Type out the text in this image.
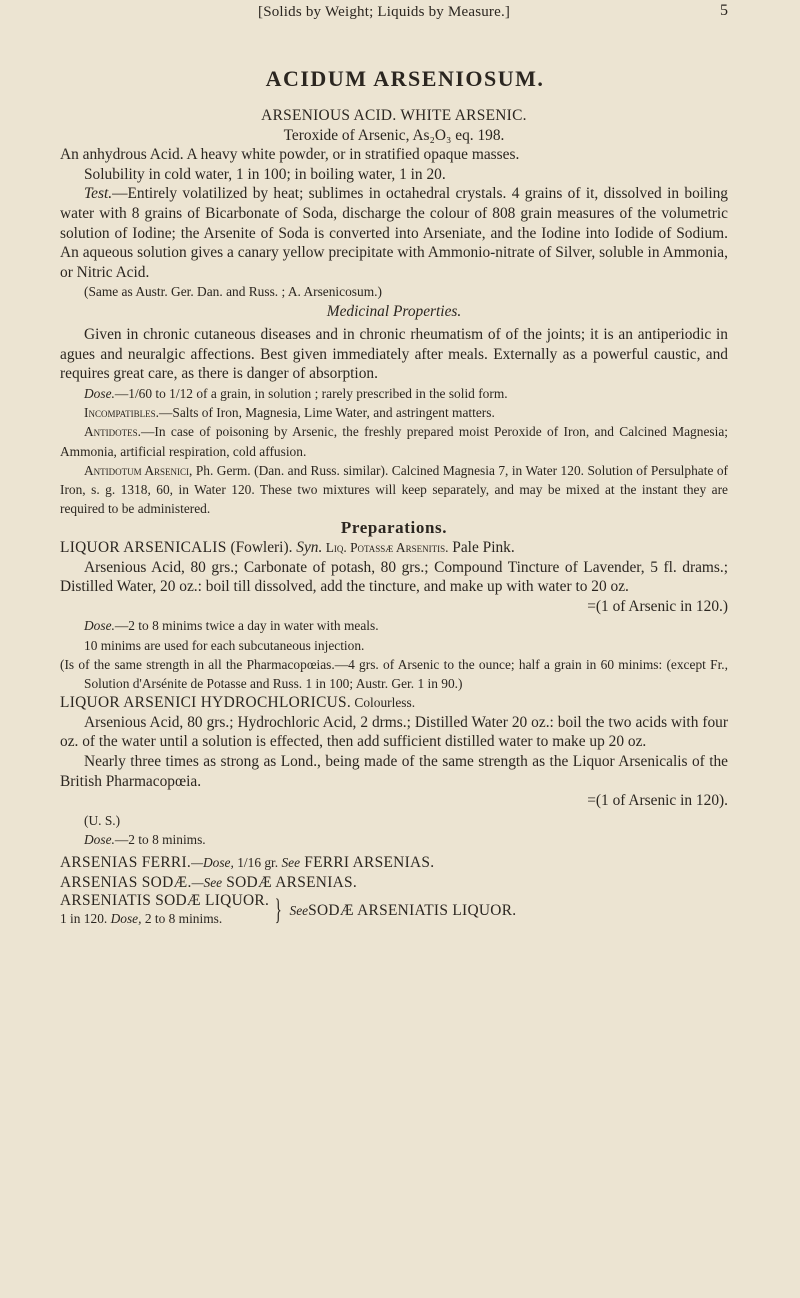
[Solids by Weight; Liquids by Measure.]	5
ACIDUM ARSENIOSUM.
ARSENIOUS ACID. WHITE ARSENIC.
Teroxide of Arsenic, As₂O₃ eq. 198.

An anhydrous Acid. A heavy white powder, or in stratified opaque masses.

Solubility in cold water, 1 in 100; in boiling water, 1 in 20.

Test.—Entirely volatilized by heat; sublimes in octahedral crystals. 4 grains of it, dissolved in boiling water with 8 grains of Bicarbonate of Soda, discharge the colour of 808 grain measures of the volumetric solution of Iodine; the Arsenite of Soda is converted into Arseniate, and the Iodine into Iodide of Sodium. An aqueous solution gives a canary yellow precipitate with Ammonio-nitrate of Silver, soluble in Ammonia, or Nitric Acid.

(Same as Austr. Ger. Dan. and Russ. ; A. Arsenicosum.)

Medicinal Properties.

Given in chronic cutaneous diseases and in chronic rheumatism of of the joints; it is an antiperiodic in agues and neuralgic affections. Best given immediately after meals. Externally as a powerful caustic, and requires great care, as there is danger of absorption.

Dose.—1/60 to 1/12 of a grain, in solution ; rarely prescribed in the solid form.

Incompatibles.—Salts of Iron, Magnesia, Lime Water, and astringent matters.

Antidotes.—In case of poisoning by Arsenic, the freshly prepared moist Peroxide of Iron, and Calcined Magnesia; Ammonia, artificial respiration, cold affusion.

Antidotum Arsenici, Ph. Germ. (Dan. and Russ. similar). Calcined Magnesia 7, in Water 120. Solution of Persulphate of Iron, s. g. 1318, 60, in Water 120. These two mixtures will keep separately, and may be mixed at the instant they are required to be administered.

Preparations.

LIQUOR ARSENICALIS (Fowleri). Syn. Liq. Potassæ Arsenitis. Pale Pink.

Arsenious Acid, 80 grs.; Carbonate of potash, 80 grs.; Compound Tincture of Lavender, 5 fl. drams.; Distilled Water, 20 oz.: boil till dissolved, add the tincture, and make up with water to 20 oz.

=(1 of Arsenic in 120.)

Dose.—2 to 8 minims twice a day in water with meals.

10 minims are used for each subcutaneous injection.

(Is of the same strength in all the Pharmacopœias.—4 grs. of Arsenic to the ounce; half a grain in 60 minims: (except Fr., Solution d'Arsénite de Potasse and Russ. 1 in 100; Austr. Ger. 1 in 90.)

LIQUOR ARSENICI HYDROCHLORICUS. Colourless.

Arsenious Acid, 80 grs.; Hydrochloric Acid, 2 drms.; Distilled Water 20 oz.: boil the two acids with four oz. of the water until a solution is effected, then add sufficient distilled water to make up 20 oz.

Nearly three times as strong as Lond., being made of the same strength as the Liquor Arsenicalis of the British Pharmacopœia.

=(1 of Arsenic in 120).

(U. S.)

Dose.—2 to 8 minims.

ARSENIAS FERRI.—Dose, 1/16 gr. See FERRI ARSENIAS.

ARSENIAS SODÆ.—See SODÆ ARSENIAS.

ARSENIATIS SODÆ LIQUOR.
1 in 120. Dose, 2 to 8 minims.	} See SODÆ ARSENIATIS LIQUOR.
